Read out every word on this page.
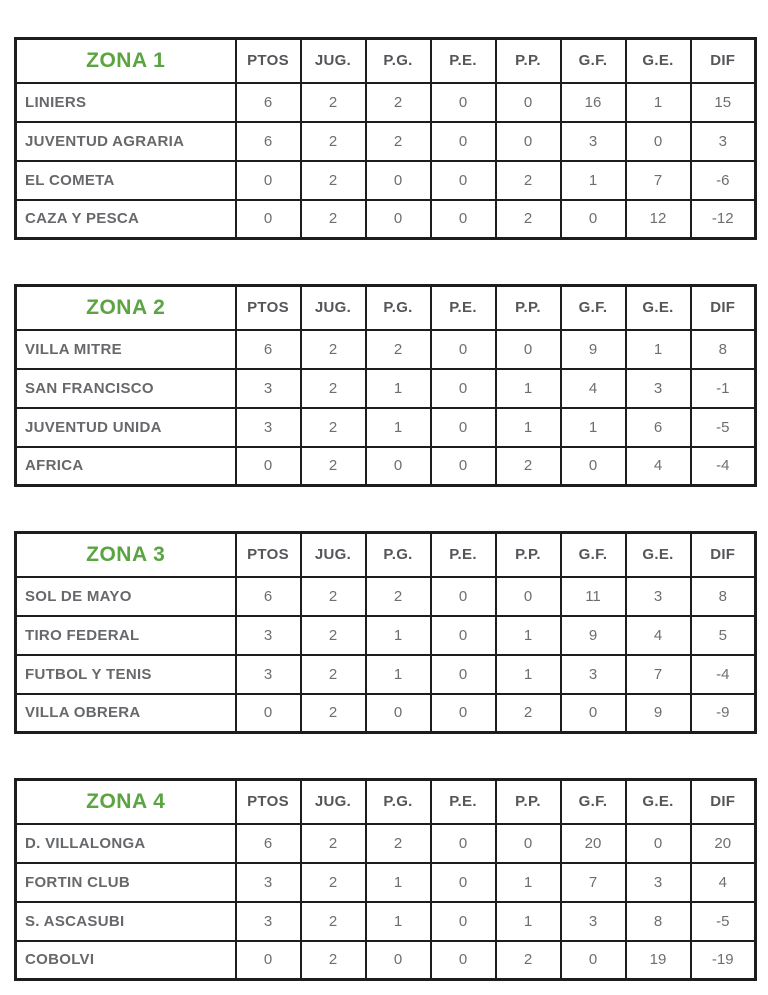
ZONA 1	PTOS	JUG.	P.G.	P.E.	P.P.	G.F.	G.E.	DIF
LINIERS	6	2	2	0	0	16	1	15
JUVENTUD AGRARIA	6	2	2	0	0	3	0	3
EL COMETA	0	2	0	0	2	1	7	-6
CAZA Y PESCA	0	2	0	0	2	0	12	-12
ZONA 2	PTOS	JUG.	P.G.	P.E.	P.P.	G.F.	G.E.	DIF
VILLA MITRE	6	2	2	0	0	9	1	8
SAN FRANCISCO	3	2	1	0	1	4	3	-1
JUVENTUD UNIDA	3	2	1	0	1	1	6	-5
AFRICA	0	2	0	0	2	0	4	-4
ZONA 3	PTOS	JUG.	P.G.	P.E.	P.P.	G.F.	G.E.	DIF
SOL DE MAYO	6	2	2	0	0	11	3	8
TIRO FEDERAL	3	2	1	0	1	9	4	5
FUTBOL Y TENIS	3	2	1	0	1	3	7	-4
VILLA OBRERA	0	2	0	0	2	0	9	-9
ZONA 4	PTOS	JUG.	P.G.	P.E.	P.P.	G.F.	G.E.	DIF
D. VILLALONGA	6	2	2	0	0	20	0	20
FORTIN CLUB	3	2	1	0	1	7	3	4
S. ASCASUBI	3	2	1	0	1	3	8	-5
COBOLVI	0	2	0	0	2	0	19	-19
